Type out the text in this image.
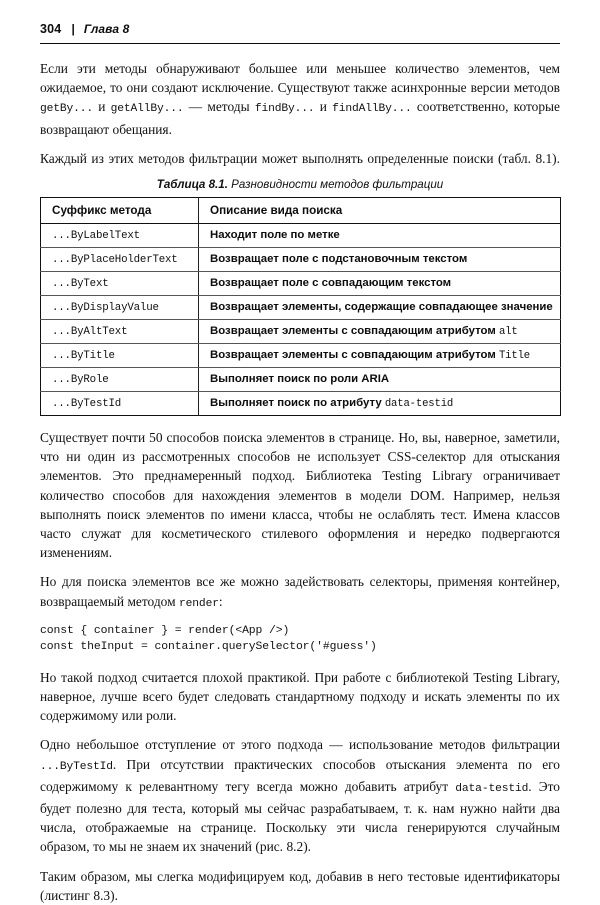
304 | Глава 8

Если эти методы обнаруживают большее или меньшее количество элементов, чем ожидаемое, то они создают исключение. Существуют также асинхронные версии методов getBy... и getAllBy... — методы findBy... и findAllBy... соответственно, которые возвращают обещания.

Каждый из этих методов фильтрации может выполнять определенные поиски (табл. 8.1).

Таблица 8.1. Разновидности методов фильтрации
Суффикс метода	Описание вида поиска
...ByLabelText	Находит поле по метке
...ByPlaceHolderText	Возвращает поле с подстановочным текстом
...ByText	Возвращает поле с совпадающим текстом
...ByDisplayValue	Возвращает элементы, содержащие совпадающее значение
...ByAltText	Возвращает элементы с совпадающим атрибутом alt
...ByTitle	Возвращает элементы с совпадающим атрибутом Title
...ByRole	Выполняет поиск по роли ARIA
...ByTestId	Выполняет поиск по атрибуту data-testid

Существует почти 50 способов поиска элементов в странице. Но, вы, наверное, заметили, что ни один из рассмотренных способов не использует CSS-селектор для отыскания элементов. Это преднамеренный подход. Библиотека Testing Library ограничивает количество способов для нахождения элементов в модели DOM. Например, нельзя выполнять поиск элементов по имени класса, чтобы не ослаблять тест. Имена классов часто служат для косметического стилевого оформления и нередко подвергаются изменениям.

Но для поиска элементов все же можно задействовать селекторы, применяя контейнер, возвращаемый методом render:

const { container } = render(<App />)
const theInput = container.querySelector('#guess')

Но такой подход считается плохой практикой. При работе с библиотекой Testing Library, наверное, лучше всего будет следовать стандартному подходу и искать элементы по их содержимому или роли.

Одно небольшое отступление от этого подхода — использование методов фильтрации ...ByTestId. При отсутствии практических способов отыскания элемента по его содержимому к релевантному тегу всегда можно добавить атрибут data-testid. Это будет полезно для теста, который мы сейчас разрабатываем, т. к. нам нужно найти два числа, отображаемые на странице. Поскольку эти числа генерируются случайным образом, то мы не знаем их значений (рис. 8.2).

Таким образом, мы слегка модифицируем код, добавив в него тестовые идентификаторы (листинг 8.3).
